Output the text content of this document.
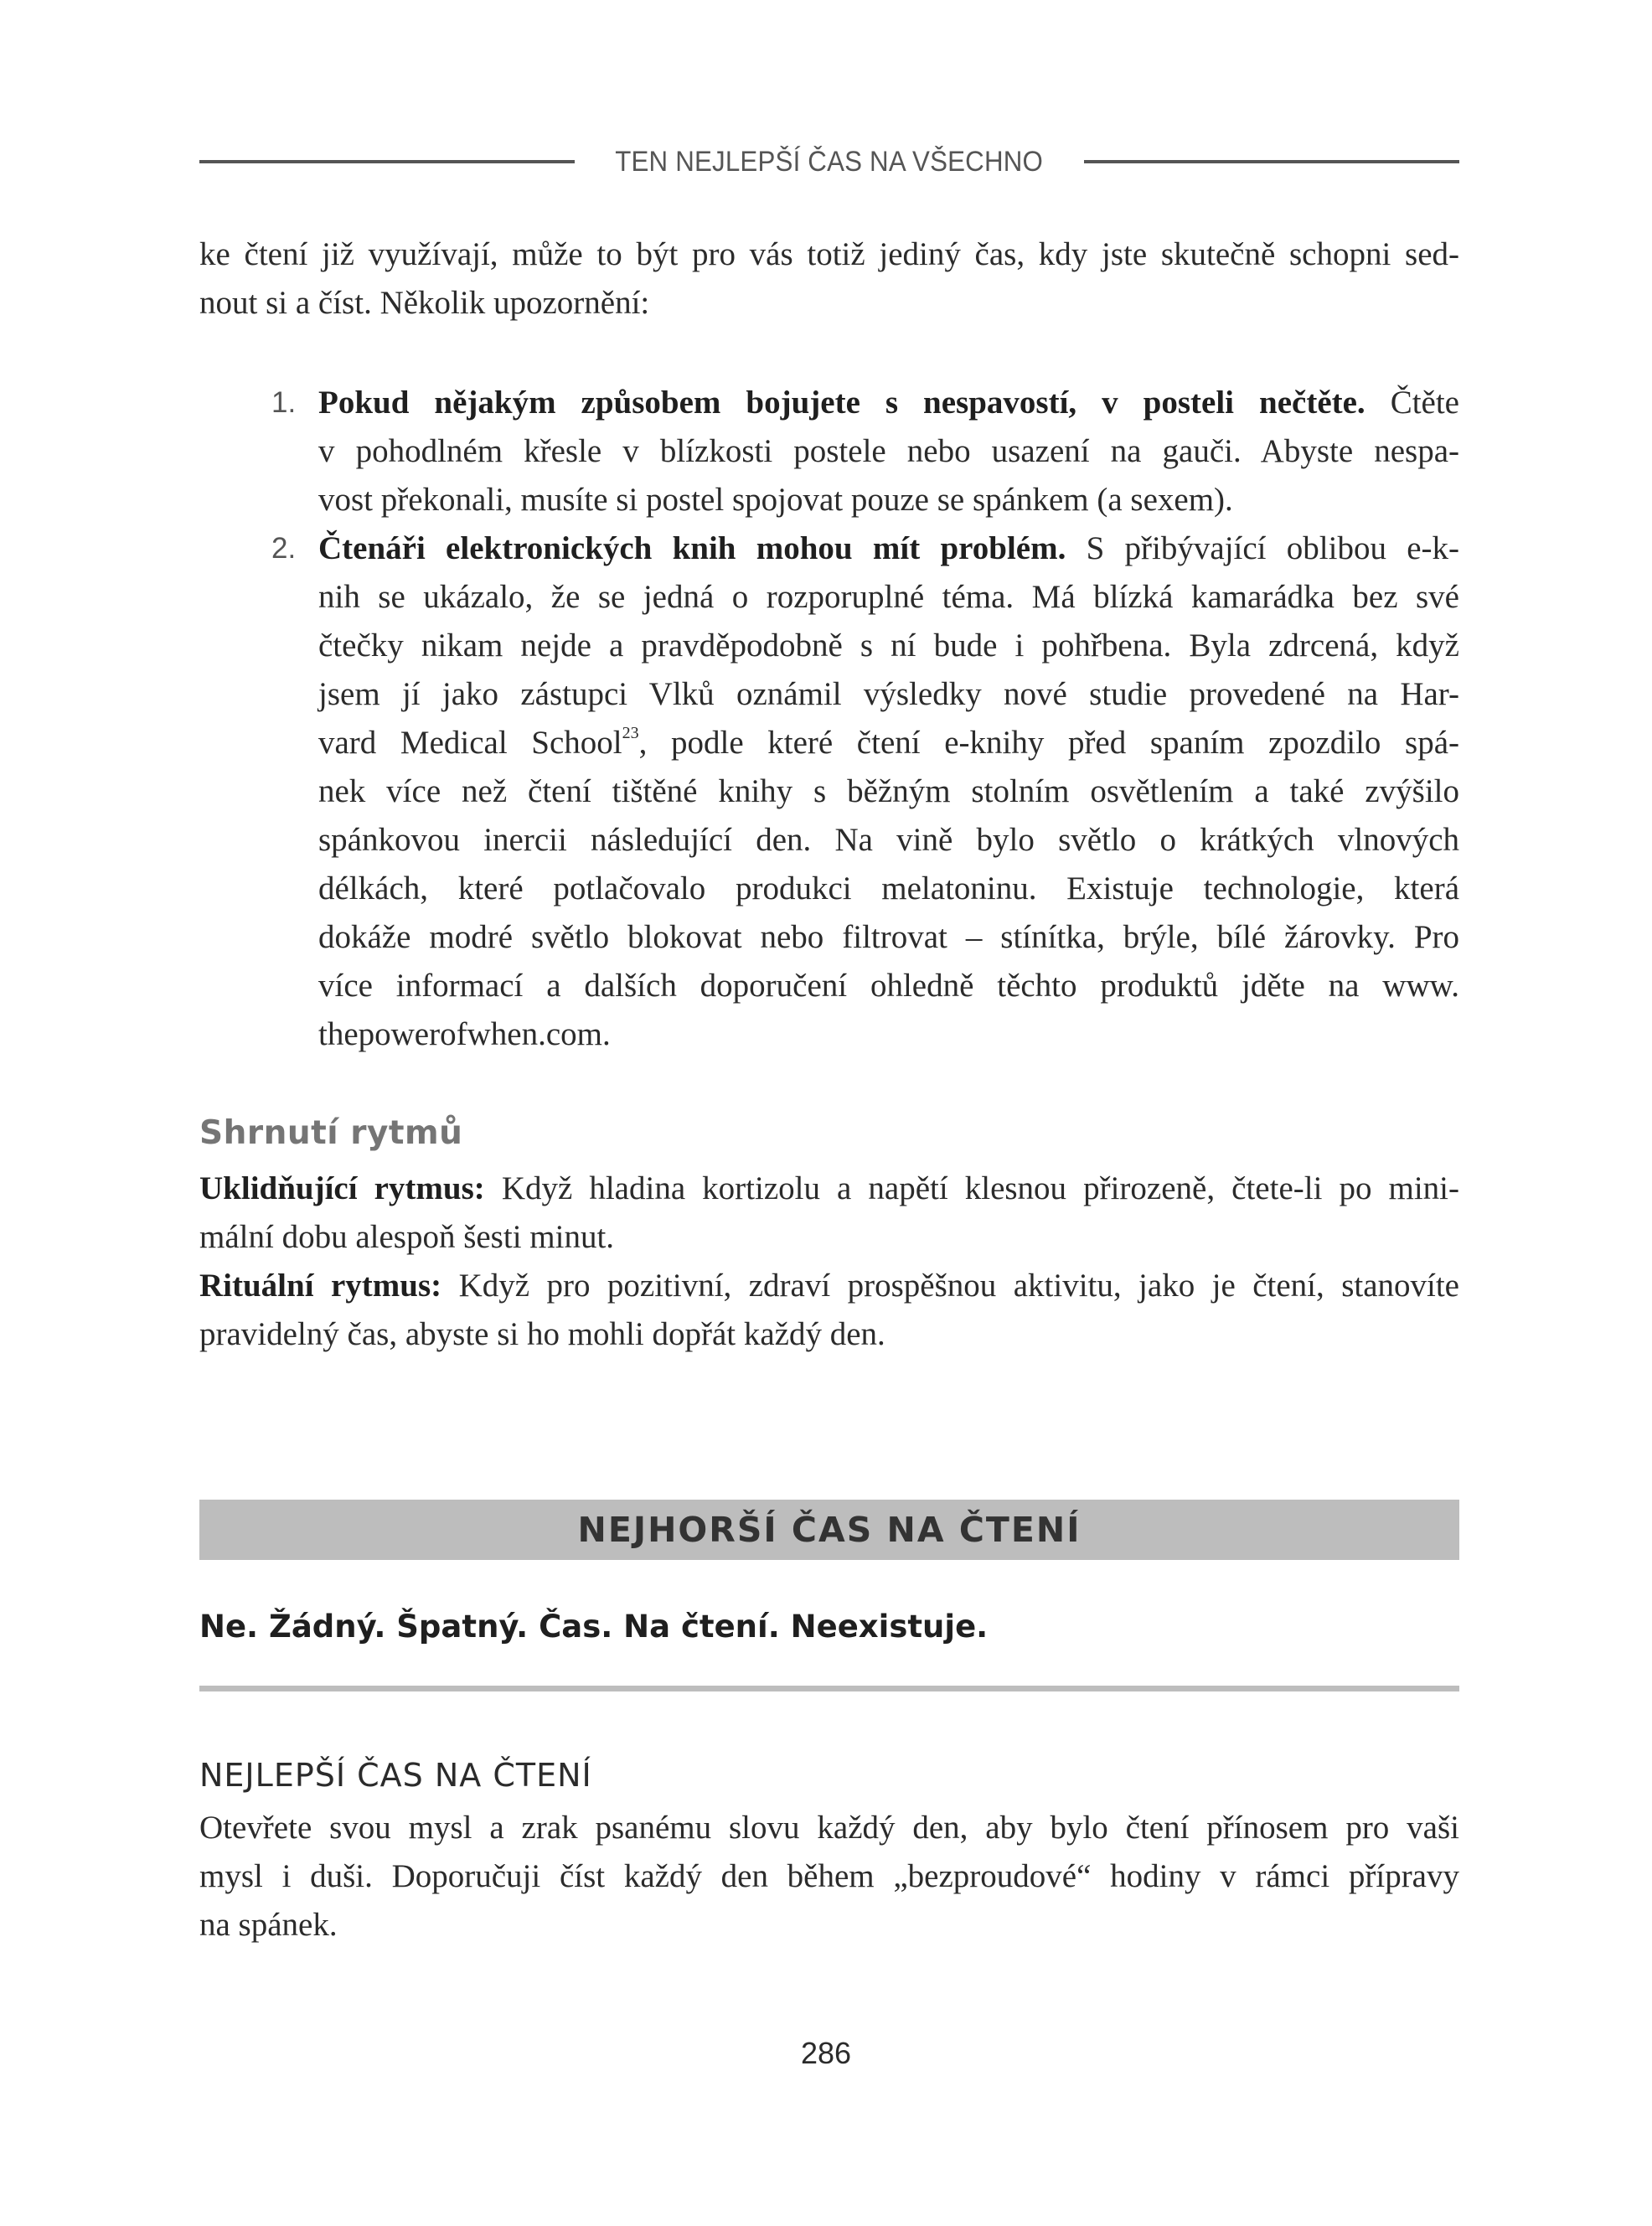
TEN NEJLEPŠÍ ČAS NA VŠECHNO
ke čtení již využívají, může to být pro vás totiž jediný čas, kdy jste skutečně schopni sed-
nout si a číst. Několik upozornění:
1. Pokud nějakým způsobem bojujete s nespavostí, v posteli nečtěte. Čtěte
v pohodlném křesle v blízkosti postele nebo usazení na gauči. Abyste nespa-
vost překonali, musíte si postel spojovat pouze se spánkem (a sexem).
2. Čtenáři elektronických knih mohou mít problém. S přibývající oblibou e-k-
nih se ukázalo, že se jedná o rozporuplné téma. Má blízká kamarádka bez své
čtečky nikam nejde a pravděpodobně s ní bude i pohřbena. Byla zdrcená, když
jsem jí jako zástupci Vlků oznámil výsledky nové studie provedené na Har-
vard Medical School$^{23}$, podle které čtení e-knihy před spaním zpozdilo spá-
nek více než čtení tištěné knihy s běžným stolním osvětlením a také zvýšilo
spánkovou inercii následující den. Na vině bylo světlo o krátkých vlnových
délkách, které potlačovalo produkci melatoninu. Existuje technologie, která
dokáže modré světlo blokovat nebo filtrovat – stínítka, brýle, bílé žárovky. Pro
více informací a dalších doporučení ohledně těchto produktů jděte na www.
thepowerofwhen.com.
Shrnutí rytmů
Uklidňující rytmus: Když hladina kortizolu a napětí klesnou přirozeně, čtete-li po mini-
mální dobu alespoň šesti minut.
Rituální rytmus: Když pro pozitivní, zdraví prospěšnou aktivitu, jako je čtení, stanovíte
pravidelný čas, abyste si ho mohli dopřát každý den.
NEJHORŠÍ ČAS NA ČTENÍ
Ne. Žádný. Špatný. Čas. Na čtení. Neexistuje.
NEJLEPŠÍ ČAS NA ČTENÍ
Otevřete svou mysl a zrak psanému slovu každý den, aby bylo čtení přínosem pro vaši
mysl i duši. Doporučuji číst každý den během „bezproudové“ hodiny v rámci přípravy
na spánek.
286
